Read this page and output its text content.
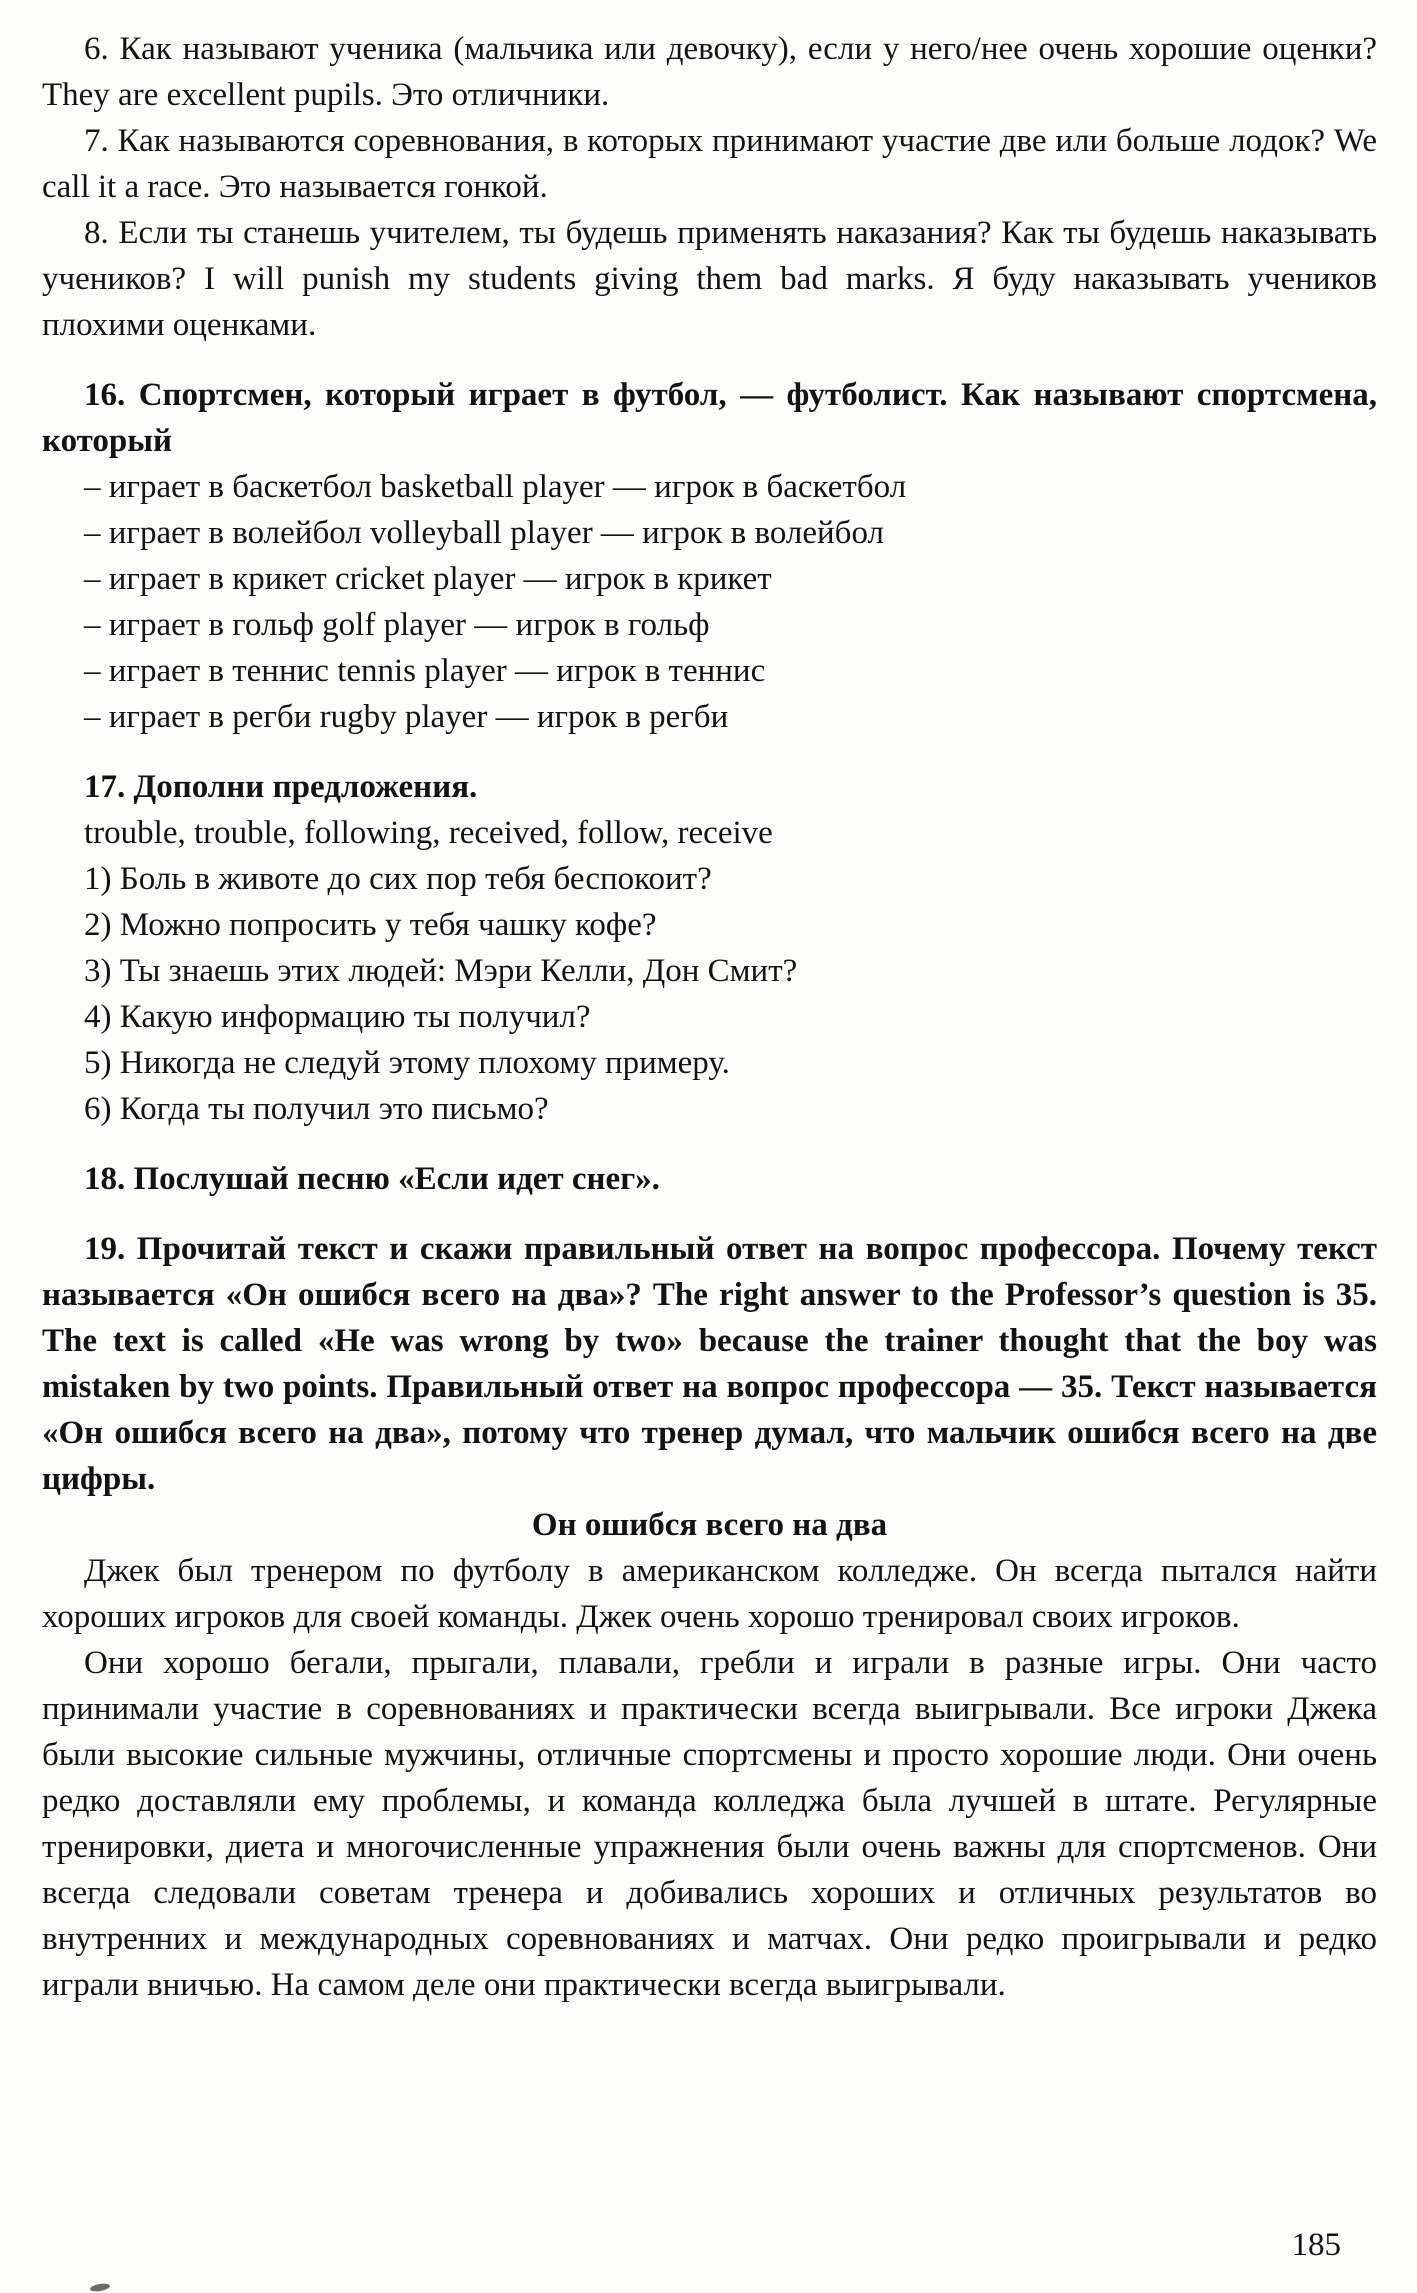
6. Как называют ученика (мальчика или девочку), если у него/нее очень хорошие оценки? They are excellent pupils. Это отличники.

7. Как называются соревнования, в которых принимают участие две или больше лодок? We call it a race. Это называется гонкой.

8. Если ты станешь учителем, ты будешь применять наказания? Как ты будешь наказывать учеников? I will punish my students giving them bad marks. Я буду наказывать учеников плохими оценками.

16. Спортсмен, который играет в футбол, — футболист. Как называют спортсмена, который

– играет в баскетбол basketball player — игрок в баскетбол

– играет в волейбол volleyball player — игрок в волейбол

– играет в крикет cricket player — игрок в крикет

– играет в гольф golf player — игрок в гольф

– играет в теннис tennis player — игрок в теннис

– играет в регби rugby player — игрок в регби

17. Дополни предложения.

trouble, trouble, following, received, follow, receive

1) Боль в животе до сих пор тебя беспокоит?

2) Можно попросить у тебя чашку кофе?

3) Ты знаешь этих людей: Мэри Келли, Дон Смит?

4) Какую информацию ты получил?

5) Никогда не следуй этому плохому примеру.

6) Когда ты получил это письмо?

18. Послушай песню «Если идет снег».

19. Прочитай текст и скажи правильный ответ на вопрос профессора. Почему текст называется «Он ошибся всего на два»? The right answer to the Professor’s question is 35. The text is called «He was wrong by two» because the trainer thought that the boy was mistaken by two points. Правильный ответ на вопрос профессора — 35. Текст называется «Он ошибся всего на два», потому что тренер думал, что мальчик ошибся всего на две цифры.

Он ошибся всего на два

Джек был тренером по футболу в американском колледже. Он всегда пытался найти хороших игроков для своей команды. Джек очень хорошо тренировал своих игроков.

Они хорошо бегали, прыгали, плавали, гребли и играли в разные игры. Они часто принимали участие в соревнованиях и практически всегда выигрывали. Все игроки Джека были высокие сильные мужчины, отличные спортсмены и просто хорошие люди. Они очень редко доставляли ему проблемы, и команда колледжа была лучшей в штате. Регулярные тренировки, диета и многочисленные упражнения были очень важны для спортсменов. Они всегда следовали советам тренера и добивались хороших и отличных результатов во внутренних и международных соревнованиях и матчах. Они редко проигрывали и редко играли вничью. На самом деле они практически всегда выигрывали.

185
